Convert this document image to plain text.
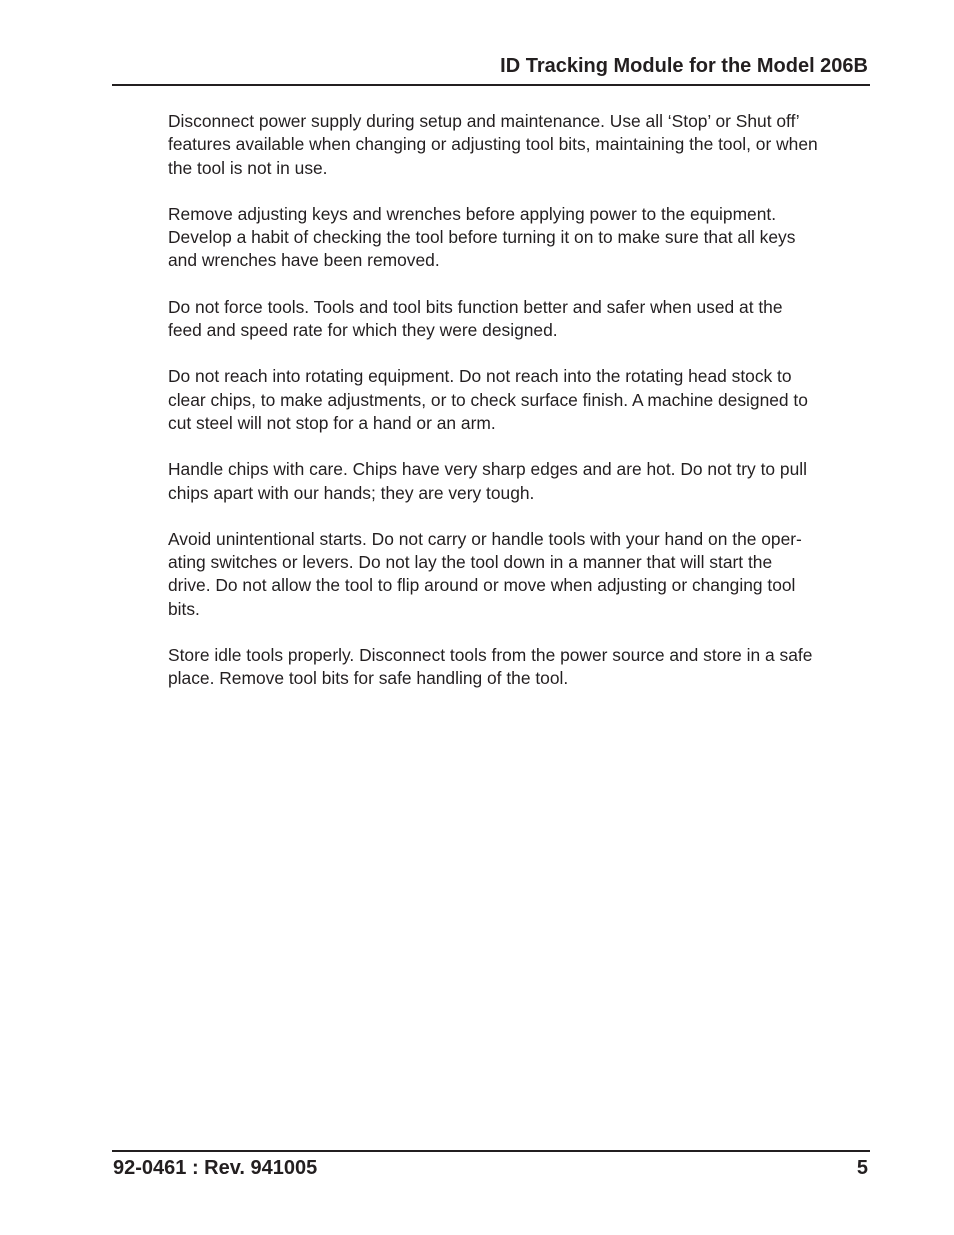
ID Tracking Module for the Model 206B

Disconnect power supply during setup and maintenance. Use all ‘Stop’ or Shut off’
features available when changing or adjusting tool bits, maintaining the tool, or when
the tool is not in use.

Remove adjusting keys and wrenches before applying power to the equipment.
Develop a habit of checking the tool before turning it on to make sure that all keys
and wrenches have been removed.

Do not force tools. Tools and tool bits function better and safer when used at the
feed and speed rate for which they were designed.

Do not reach into rotating equipment. Do not reach into the rotating head stock to
clear chips, to make adjustments, or to check surface finish. A machine designed to
cut steel will not stop for a hand or an arm.

Handle chips with care. Chips have very sharp edges and are hot. Do not try to pull
chips apart with our hands; they are very tough.

Avoid unintentional starts. Do not carry or handle tools with your hand on the oper-
ating switches or levers. Do not lay the tool down in a manner that will start the
drive. Do not allow the tool to flip around or move when adjusting or changing tool
bits.

Store idle tools properly. Disconnect tools from the power source and store in a safe
place. Remove tool bits for safe handling of the tool.

92-0461 : Rev. 941005	5
